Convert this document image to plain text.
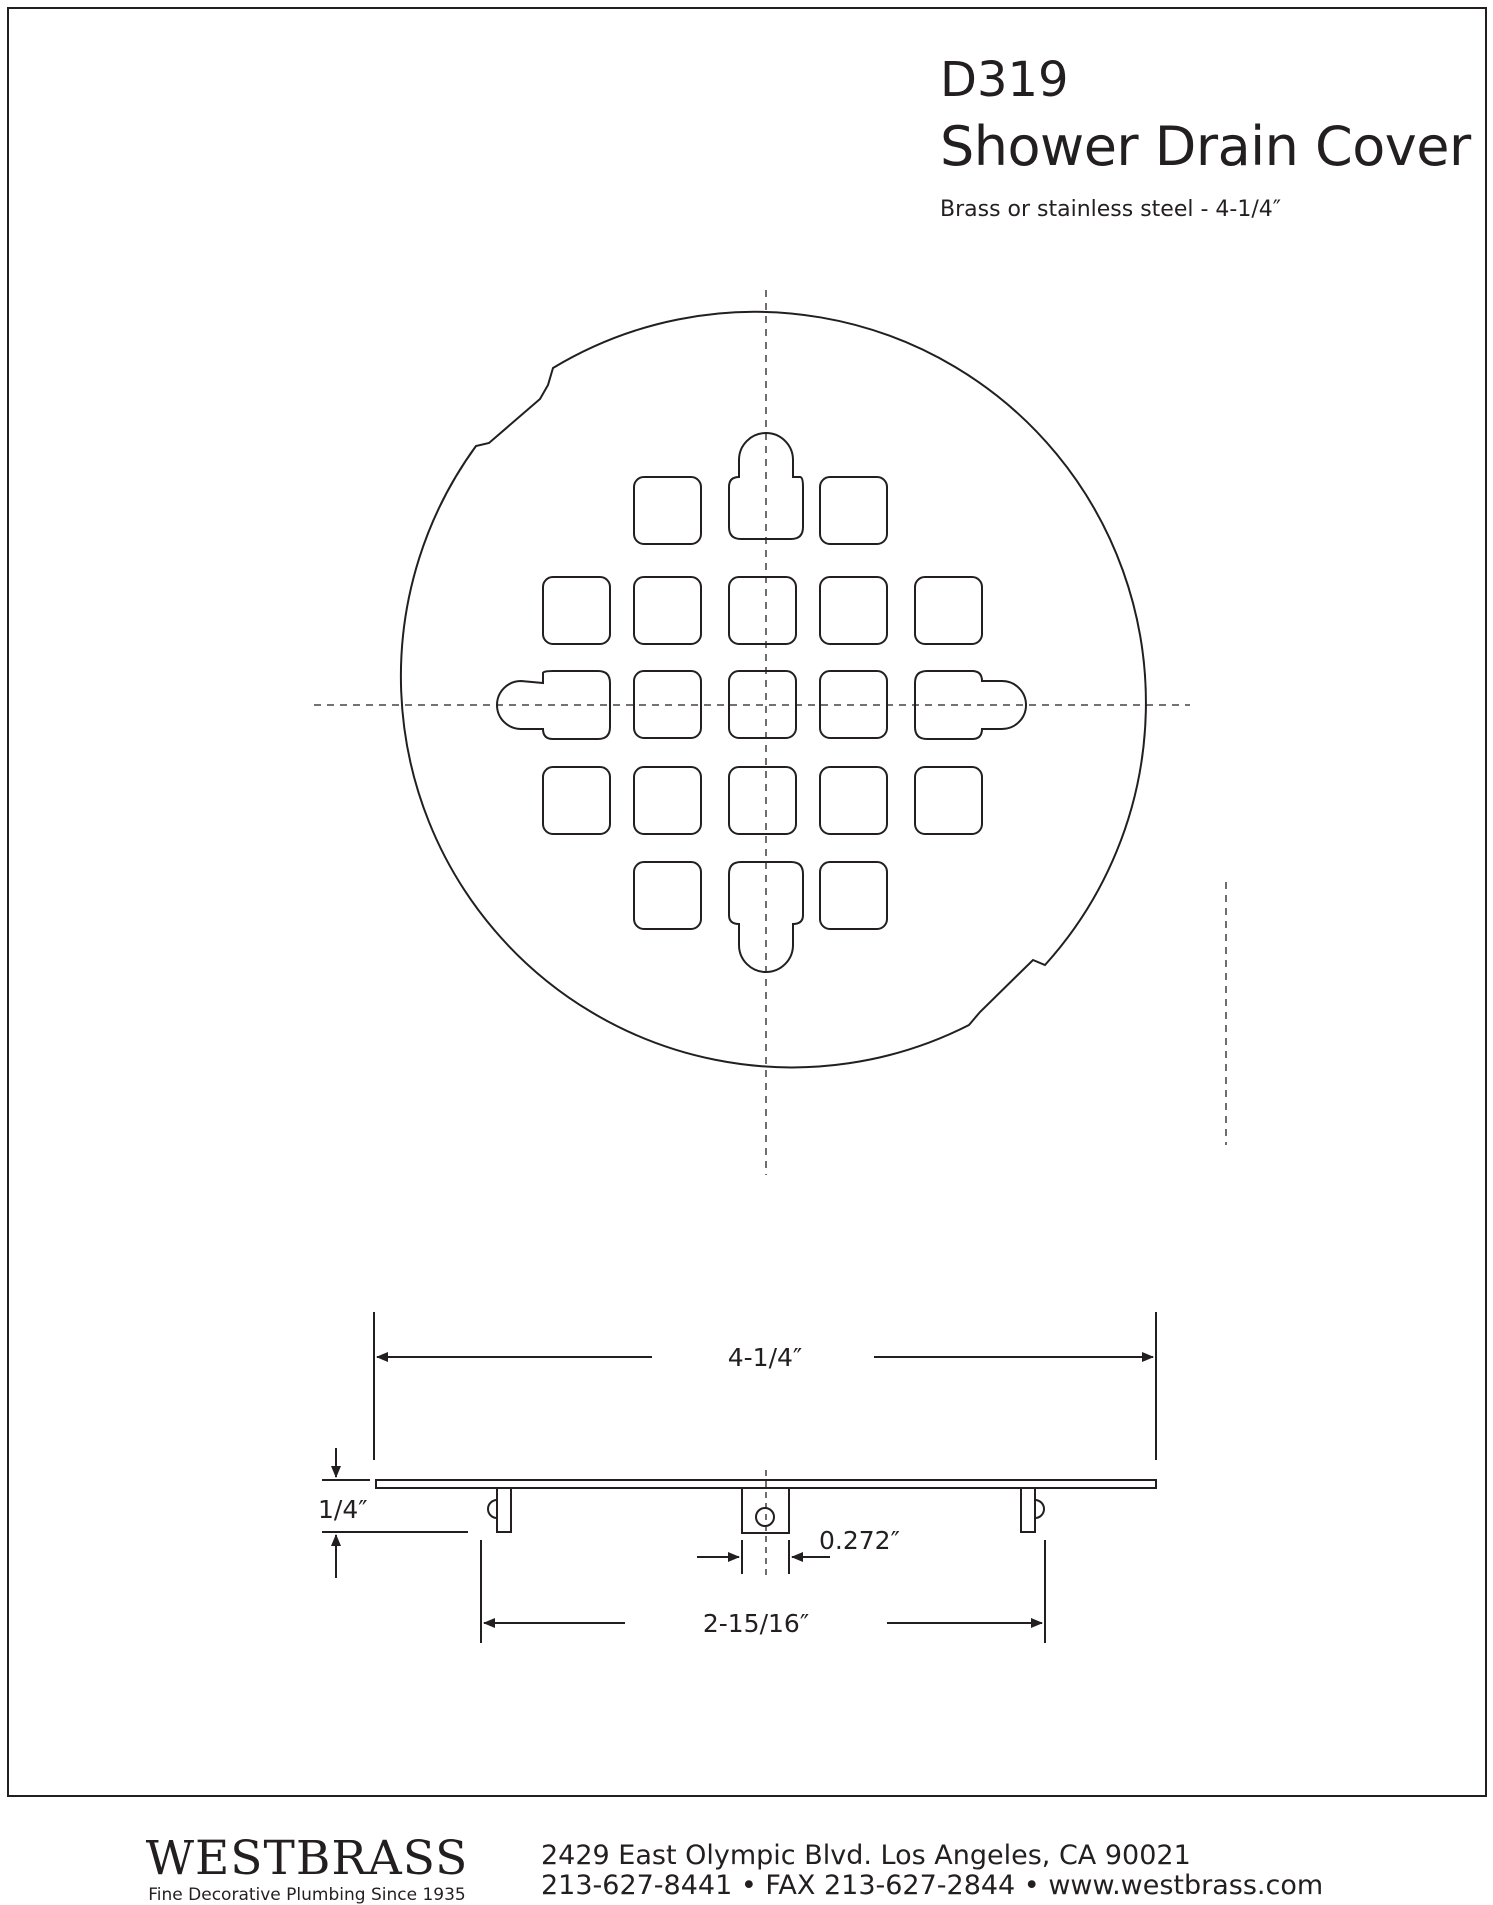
D319
Shower Drain Cover
Brass or stainless steel - 4-1/4″
4-1/4″
1/4″
0.272″
2-15/16″
WESTBRASS
Fine Decorative Plumbing Since 1935
2429 East Olympic Blvd. Los Angeles, CA 90021
213-627-8441 • FAX 213-627-2844 • www.westbrass.com
